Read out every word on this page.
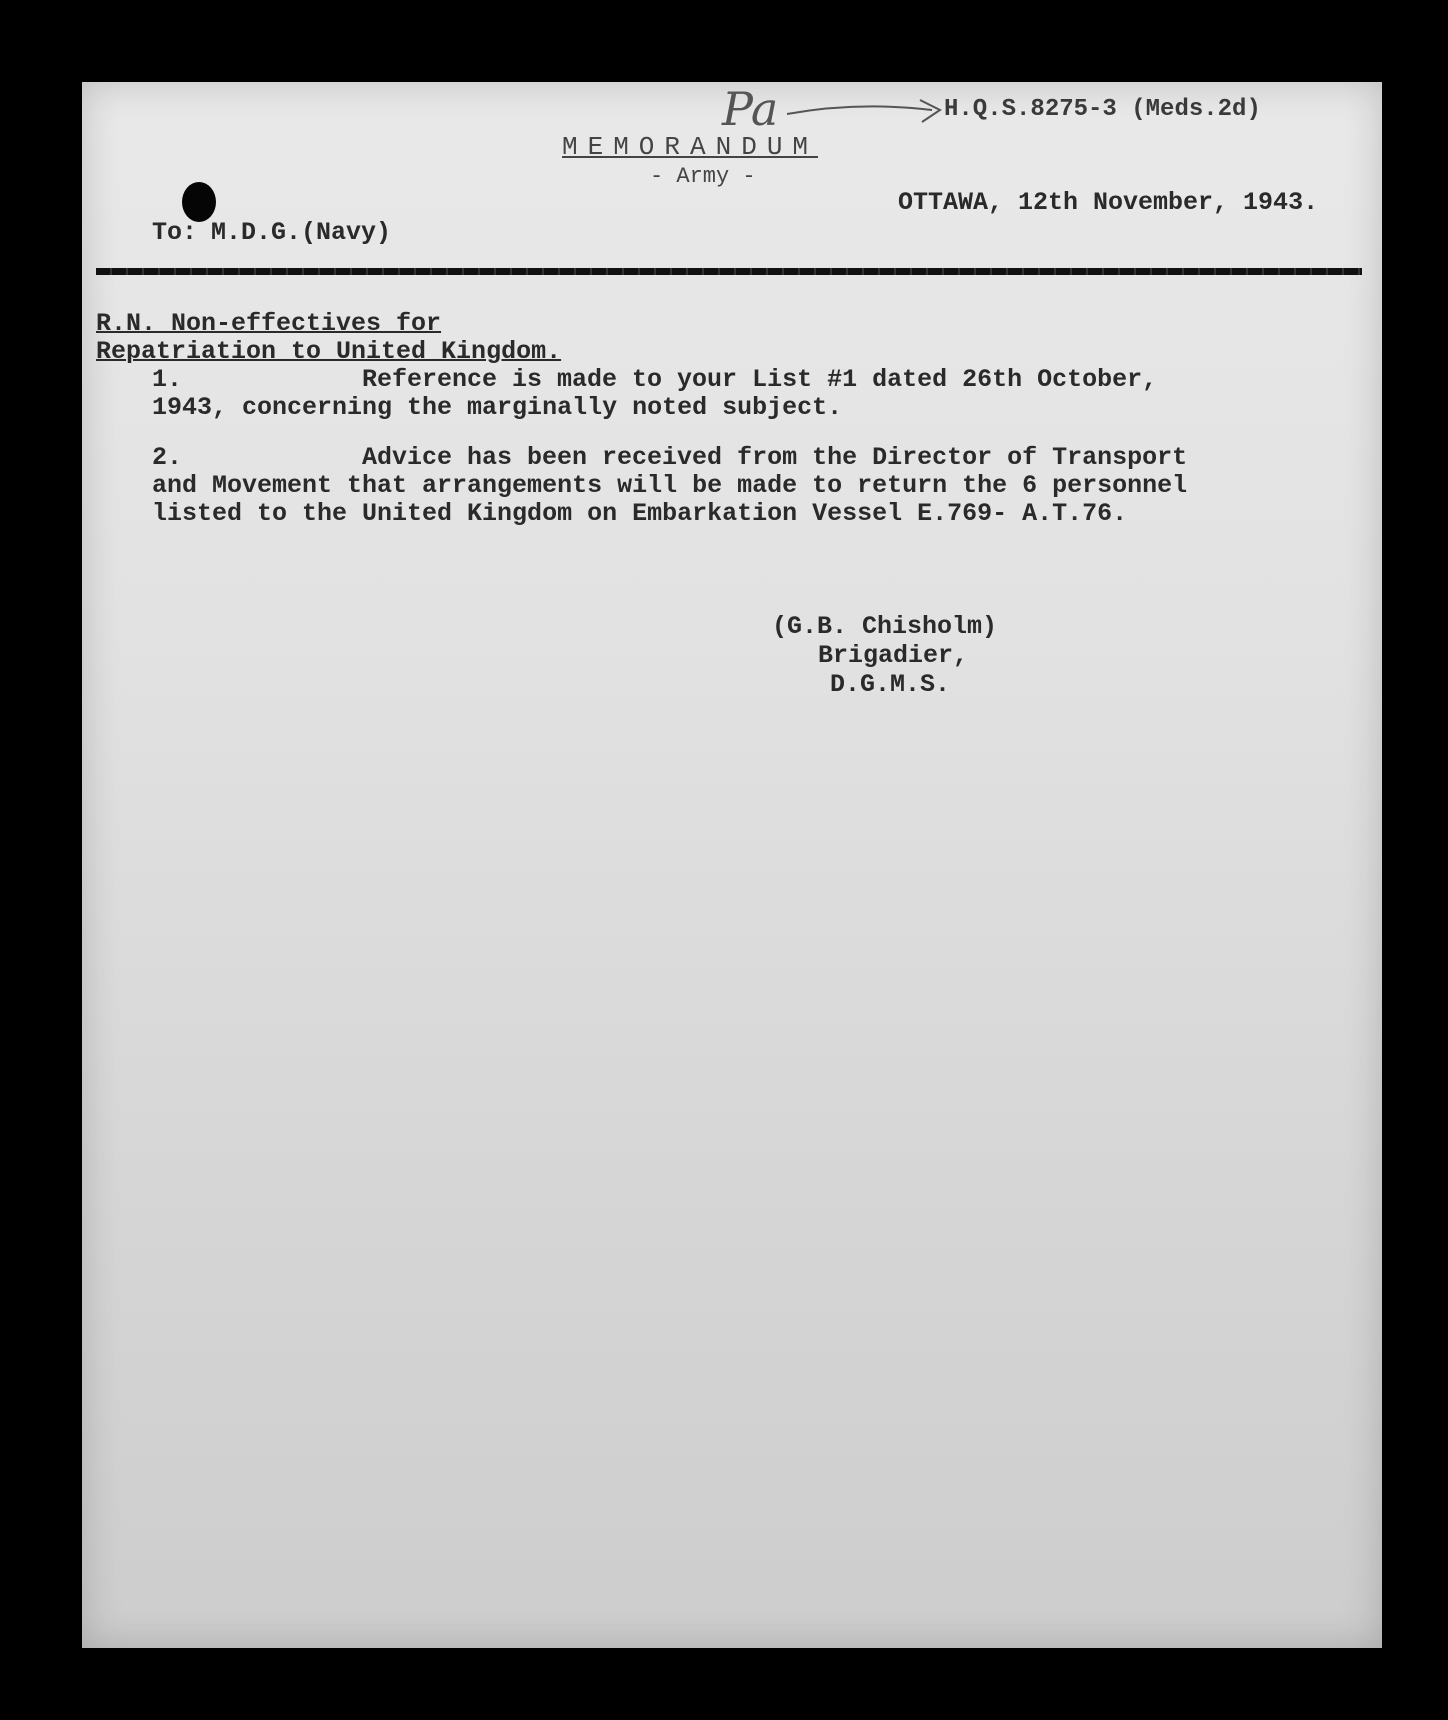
Pa	H.Q.S.8275-3 (Meds.2d)
MEMORANDUM
- Army -
OTTAWA, 12th November, 1943.
To: M.D.G.(Navy)
R.N. Non-effectives for
Repatriation to United Kingdom.
1.	Reference is made to your List #1 dated 26th October,
1943, concerning the marginally noted subject.
2.	Advice has been received from the Director of Transport
and Movement that arrangements will be made to return the 6 personnel
listed to the United Kingdom on Embarkation Vessel E.769- A.T.76.
(G.B. Chisholm)
Brigadier,
D.G.M.S.
